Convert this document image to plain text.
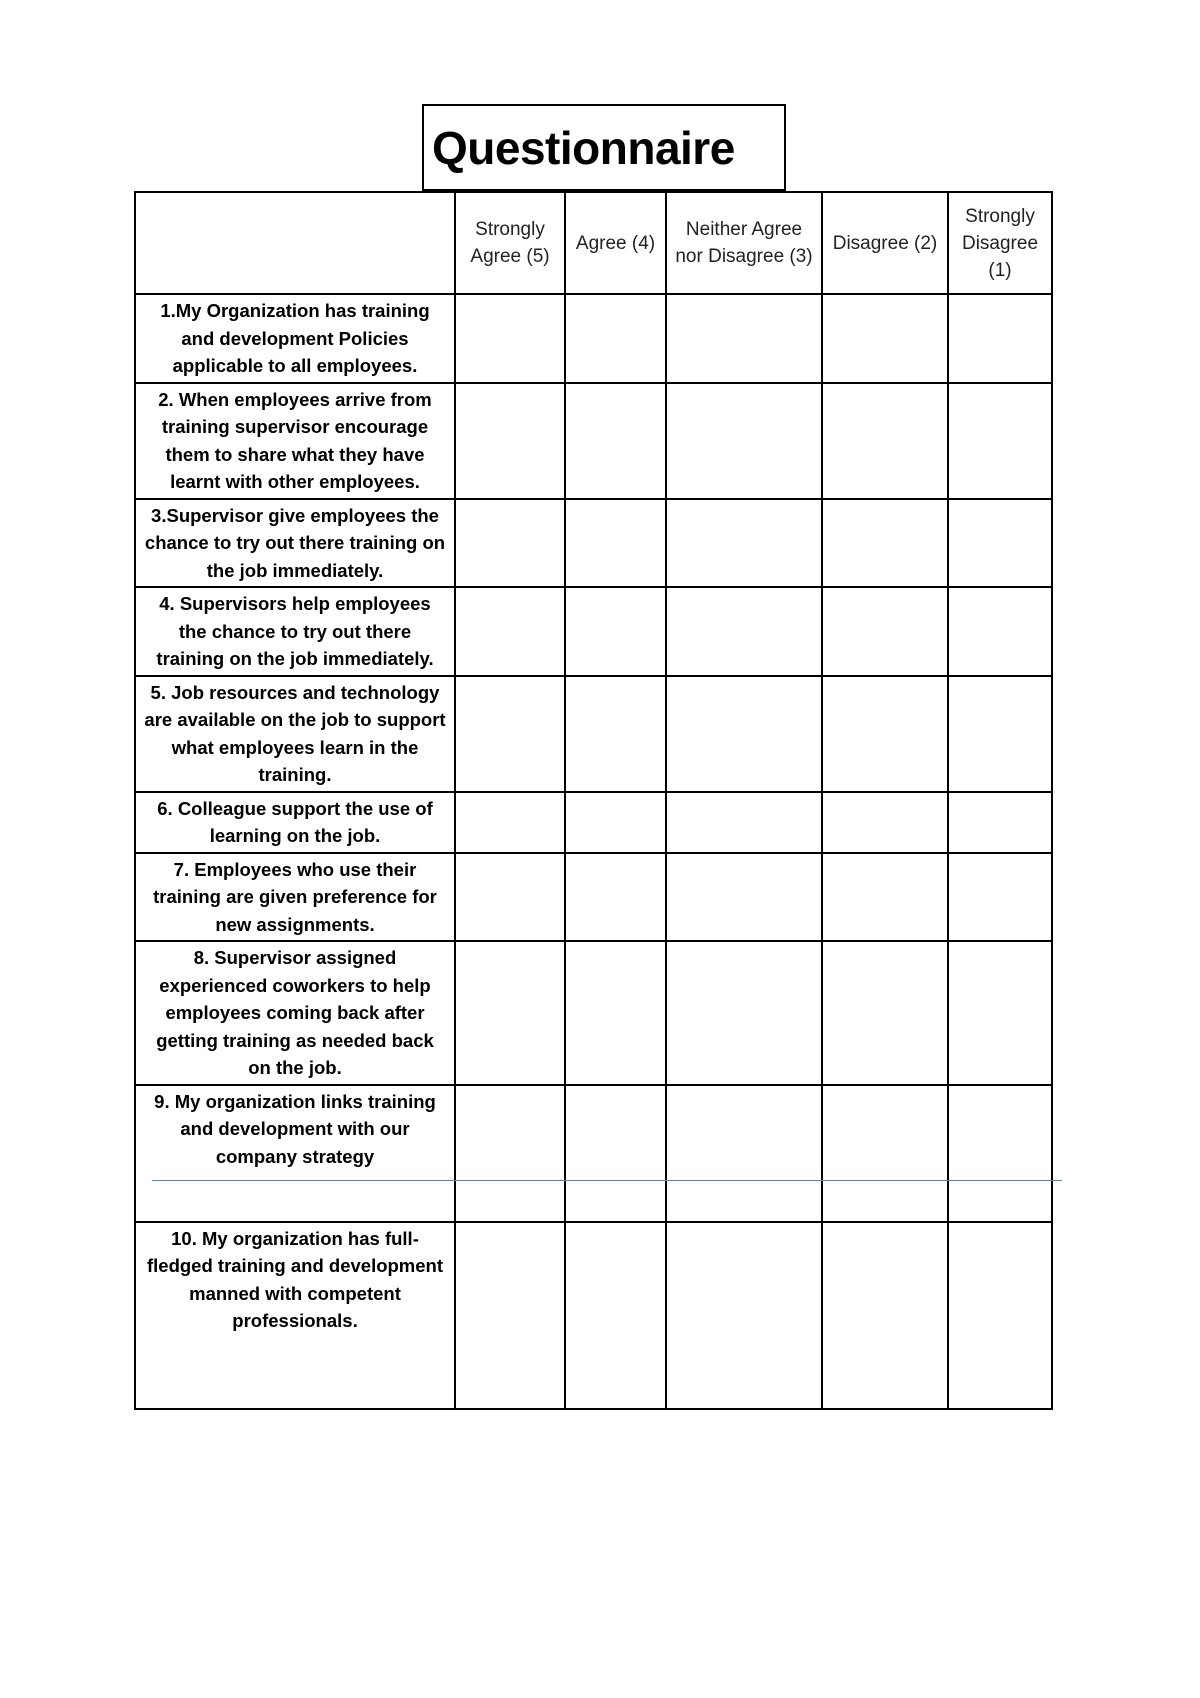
Questionnaire
	Strongly Agree (5)	Agree (4)	Neither Agree nor Disagree (3)	Disagree (2)	Strongly Disagree (1)
1.My Organization has training and development Policies applicable to all employees.					
2. When employees arrive from training supervisor encourage them to share what they have learnt with other employees.					
3.Supervisor give employees the chance to try out there training on the job immediately.					
4. Supervisors help employees the chance to try out there training on the job immediately.					
5. Job resources and technology are available on the job to support what employees learn in the training.					
6. Colleague support the use of learning on the job.					
7. Employees who use their training are given preference for new assignments.					
8. Supervisor assigned experienced coworkers to help employees coming back after getting training as needed back on the job.					
9. My organization links training and development with our company strategy					
10. My organization has full-fledged training and development manned with competent professionals.					
